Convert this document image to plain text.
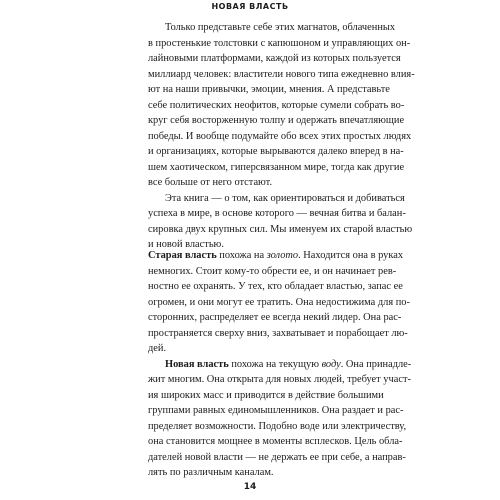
НОВАЯ ВЛАСТЬ

Только представьте себе этих магнатов, облаченных
в простенькие толстовки с капюшоном и управляющих он-
лайновыми платформами, каждой из которых пользуется
миллиард человек: властители нового типа ежедневно влия-
ют на наши привычки, эмоции, мнения. А представьте
себе политических неофитов, которые сумели собрать во-
круг себя восторженную толпу и одержать впечатляющие
победы. И вообще подумайте обо всех этих простых людях
и организациях, которые вырываются далеко вперед в на-
шем хаотическом, гиперсвязанном мире, тогда как другие
все больше от него отстают.

Эта книга — о том, как ориентироваться и добиваться
успеха в мире, в основе которого — вечная битва и балан-
сировка двух крупных сил. Мы именуем их старой властью
и новой властью.

Старая власть похожа на золото. Находится она в руках
немногих. Стоит кому-то обрести ее, и он начинает рев-
ностно ее охранять. У тех, кто обладает властью, запас ее
огромен, и они могут ее тратить. Она недостижима для по-
сторонних, распределяет ее всегда некий лидер. Она рас-
пространяется сверху вниз, захватывает и порабощает лю-
дей.

Новая власть похожа на текущую воду. Она принадле-
жит многим. Она открыта для новых людей, требует участ-
ия широких масс и приводится в действие большими
группами равных единомышленников. Она раздает и рас-
пределяет возможности. Подобно воде или электричеству,
она становится мощнее в моменты всплесков. Цель обла-
дателей новой власти — не держать ее при себе, а направ-
лять по различным каналам.

14
